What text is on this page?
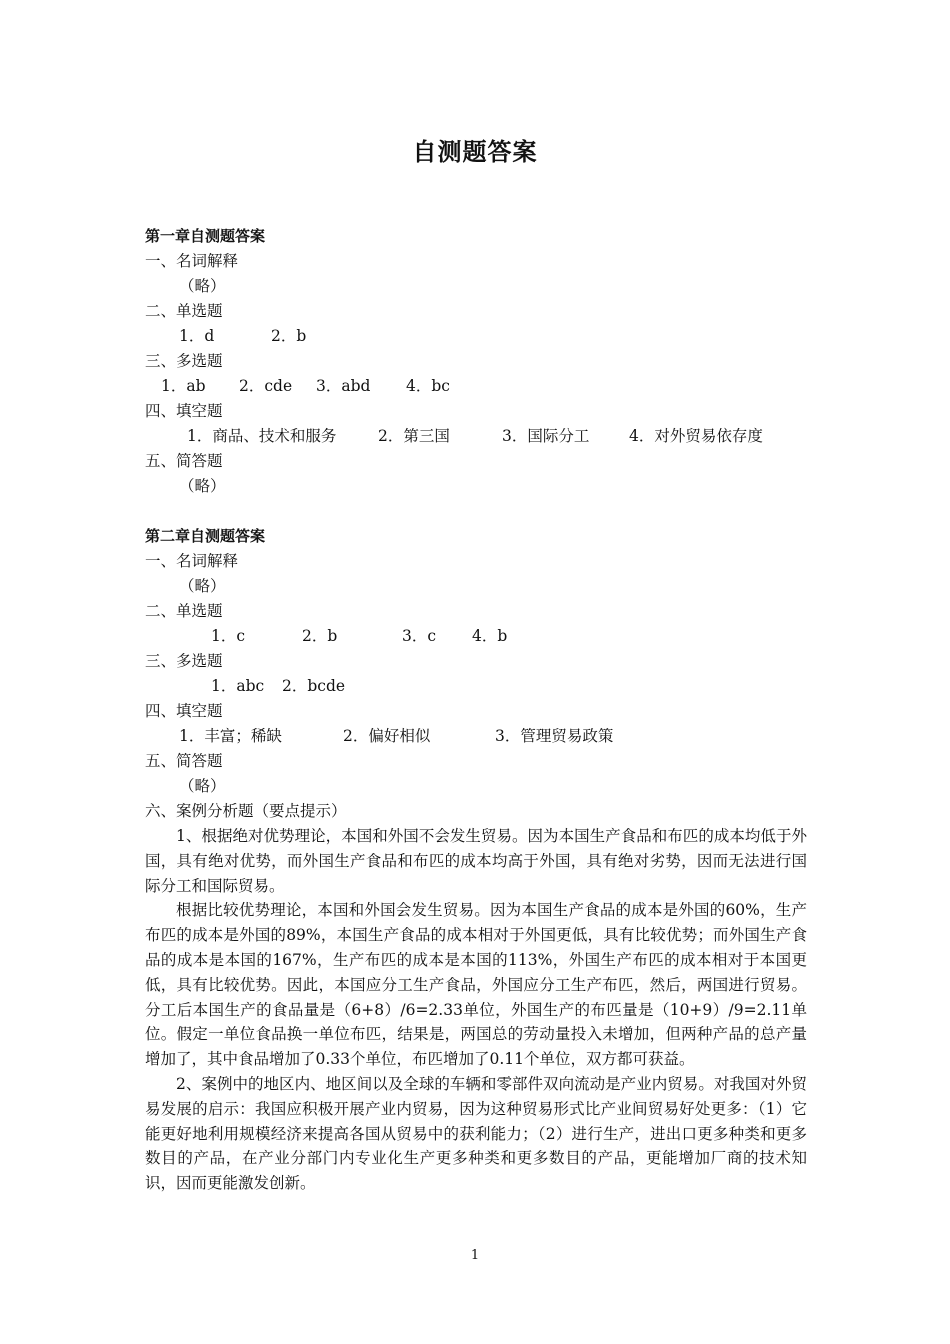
自测题答案
第一章自测题答案
一、名词解释
（略）
二、单选题
1．d	2．b
三、多选题
1．ab 2．cde 3．abd 4．bc
四、填空题
1．商品、技术和服务	2．第三国	3．国际分工	4．对外贸易依存度
五、简答题
（略）
第二章自测题答案
一、名词解释
（略）
二、单选题
1．c	2．b	3．c 4．b
三、多选题
1．abc 2．bcde
四、填空题
1．丰富；稀缺	2．偏好相似	3．管理贸易政策
五、简答题
（略）
六、案例分析题（要点提示）
1、根据绝对优势理论，本国和外国不会发生贸易。因为本国生产食品和布匹的成本均低于外国，具有绝对优势，而外国生产食品和布匹的成本均高于外国，具有绝对劣势，因而无法进行国际分工和国际贸易。
根据比较优势理论，本国和外国会发生贸易。因为本国生产食品的成本是外国的60%，生产布匹的成本是外国的89%，本国生产食品的成本相对于外国更低，具有比较优势；而外国生产食品的成本是本国的167%，生产布匹的成本是本国的113%，外国生产布匹的成本相对于本国更低，具有比较优势。因此，本国应分工生产食品，外国应分工生产布匹，然后，两国进行贸易。分工后本国生产的食品量是（6+8）/6=2.33单位，外国生产的布匹量是（10+9）/9=2.11单位。假定一单位食品换一单位布匹，结果是，两国总的劳动量投入未增加，但两种产品的总产量增加了，其中食品增加了0.33个单位，布匹增加了0.11个单位，双方都可获益。
2、案例中的地区内、地区间以及全球的车辆和零部件双向流动是产业内贸易。对我国对外贸易发展的启示：我国应积极开展产业内贸易，因为这种贸易形式比产业间贸易好处更多：（1）它能更好地利用规模经济来提高各国从贸易中的获利能力；（2）进行生产，进出口更多种类和更多数目的产品，在产业分部门内专业化生产更多种类和更多数目的产品，更能增加厂商的技术知识，因而更能激发创新。
1
